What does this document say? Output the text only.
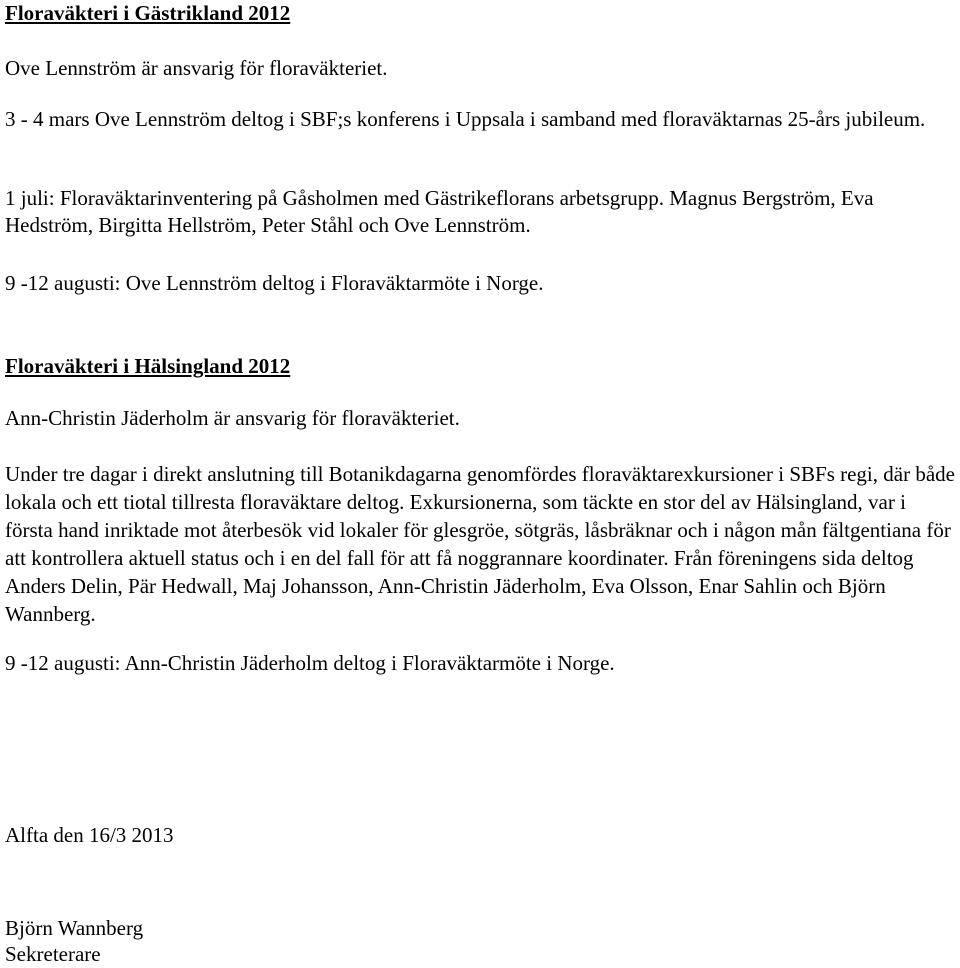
Floraväkteri i Gästrikland 2012

Ove Lennström är ansvarig för floraväkteriet.

3 - 4 mars Ove Lennström deltog i SBF;s konferens i Uppsala i samband med floraväktarnas 25-års jubileum.

1 juli: Floraväktarinventering på Gåsholmen med Gästrikeflorans arbetsgrupp. Magnus Bergström, Eva Hedström, Birgitta Hellström, Peter Ståhl och Ove Lennström.

9 -12 augusti: Ove Lennström deltog i Floraväktarmöte i Norge.

Floraväkteri i Hälsingland 2012

Ann-Christin Jäderholm är ansvarig för floraväkteriet.

Under tre dagar i direkt anslutning till Botanikdagarna genomfördes floraväktarexkursioner i SBFs regi, där både lokala och ett tiotal tillresta floraväktare deltog. Exkursionerna, som täckte en stor del av Hälsingland, var i första hand inriktade mot återbesök vid lokaler för glesgröe, sötgräs, låsbräknar och i någon mån fältgentiana för att kontrollera aktuell status och i en del fall för att få noggrannare koordinater. Från föreningens sida deltog Anders Delin, Pär Hedwall, Maj Johansson, Ann-Christin Jäderholm, Eva Olsson, Enar Sahlin och Björn Wannberg.

9 -12 augusti: Ann-Christin Jäderholm deltog i Floraväktarmöte i Norge.

Alfta den 16/3 2013

Björn Wannberg

Sekreterare
